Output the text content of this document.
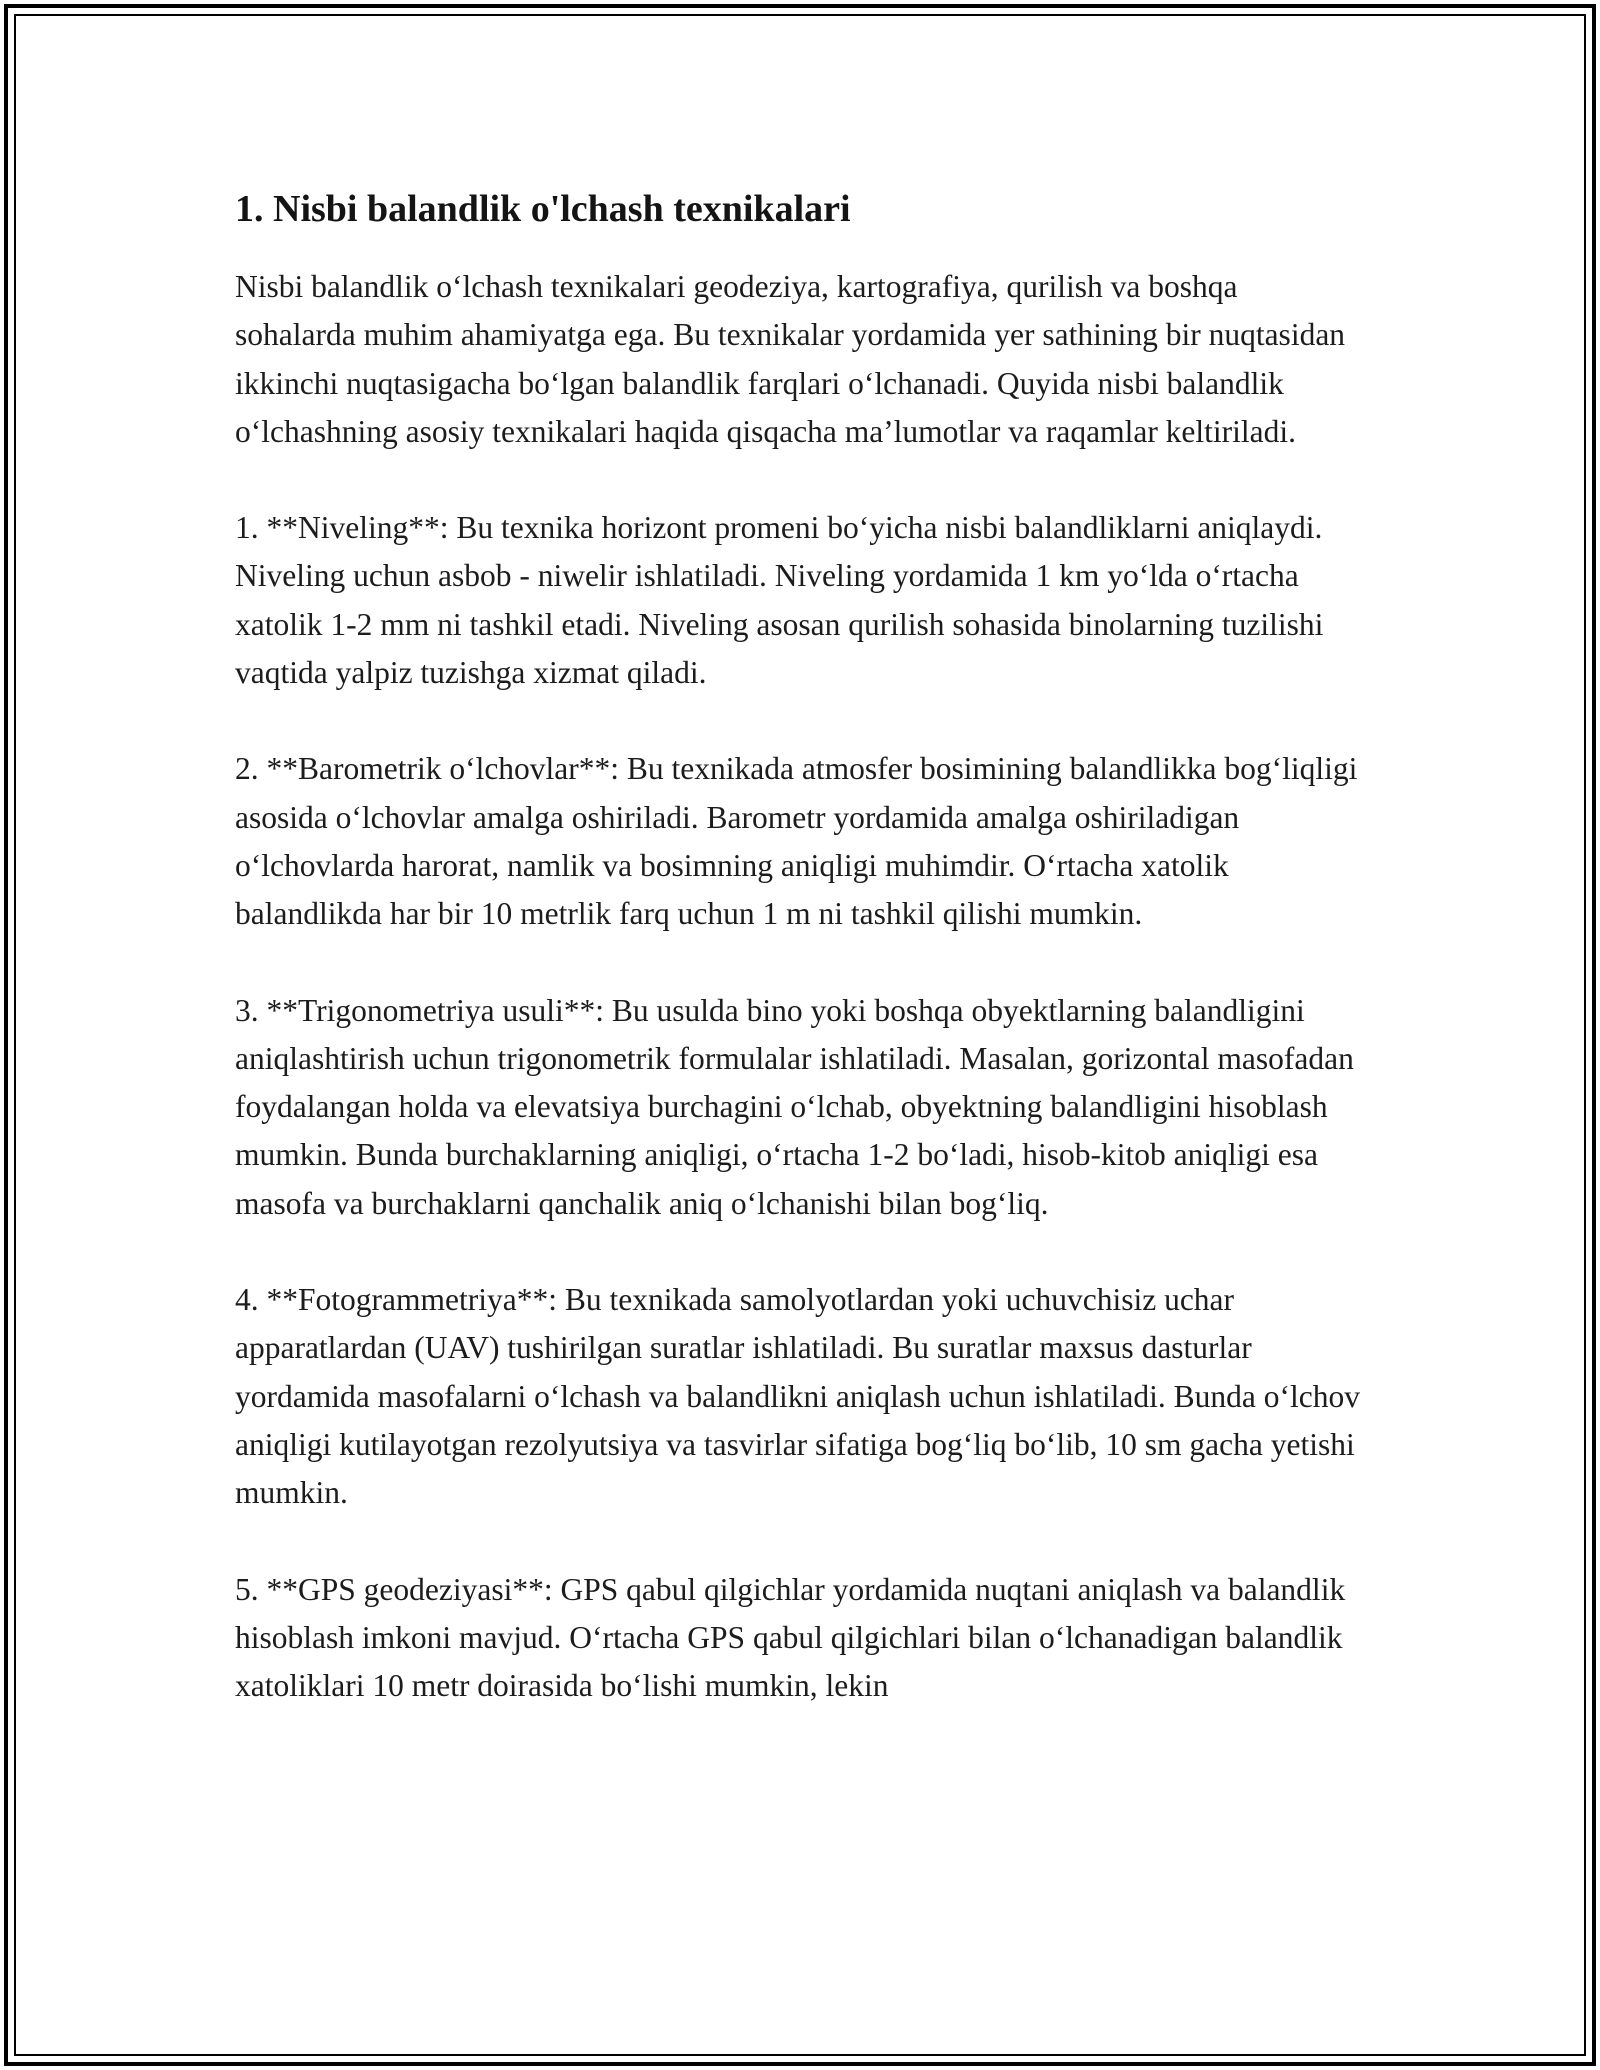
1. Nisbi balandlik o'lchash texnikalari

Nisbi balandlik oʻlchash texnikalari geodeziya, kartografiya, qurilish va boshqa sohalarda muhim ahamiyatga ega. Bu texnikalar yordamida yer sathining bir nuqtasidan ikkinchi nuqtasigacha boʻlgan balandlik farqlari oʻlchanadi. Quyida nisbi balandlik oʻlchashning asosiy texnikalari haqida qisqacha maʼlumotlar va raqamlar keltiriladi.

1. **Niveling**: Bu texnika horizont promeni boʻyicha nisbi balandliklarni aniqlaydi. Niveling uchun asbob - niwelir ishlatiladi. Niveling yordamida 1 km yoʻlda oʻrtacha xatolik 1-2 mm ni tashkil etadi. Niveling asosan qurilish sohasida binolarning tuzilishi vaqtida yalpiz tuzishga xizmat qiladi.

2. **Barometrik oʻlchovlar**: Bu texnikada atmosfer bosimining balandlikka bogʻliqligi asosida oʻlchovlar amalga oshiriladi. Barometr yordamida amalga oshiriladigan oʻlchovlarda harorat, namlik va bosimning aniqligi muhimdir. Oʻrtacha xatolik balandlikda har bir 10 metrlik farq uchun 1 m ni tashkil qilishi mumkin.

3. **Trigonometriya usuli**: Bu usulda bino yoki boshqa obyektlarning balandligini aniqlashtirish uchun trigonometrik formulalar ishlatiladi. Masalan, gorizontal masofadan foydalangan holda va elevatsiya burchagini oʻlchab, obyektning balandligini hisoblash mumkin. Bunda burchaklarning aniqligi, oʻrtacha 1-2 boʻladi, hisob-kitob aniqligi esa masofa va burchaklarni qanchalik aniq oʻlchanishi bilan bogʻliq.

4. **Fotogrammetriya**: Bu texnikada samolyotlardan yoki uchuvchisiz uchar apparatlardan (UAV) tushirilgan suratlar ishlatiladi. Bu suratlar maxsus dasturlar yordamida masofalarni oʻlchash va balandlikni aniqlash uchun ishlatiladi. Bunda oʻlchov aniqligi kutilayotgan rezolyutsiya va tasvirlar sifatiga bogʻliq boʻlib, 10 sm gacha yetishi mumkin.

5. **GPS geodeziyasi**: GPS qabul qilgichlar yordamida nuqtani aniqlash va balandlik hisoblash imkoni mavjud. Oʻrtacha GPS qabul qilgichlari bilan oʻlchanadigan balandlik xatoliklari 10 metr doirasida boʻlishi mumkin, lekin
